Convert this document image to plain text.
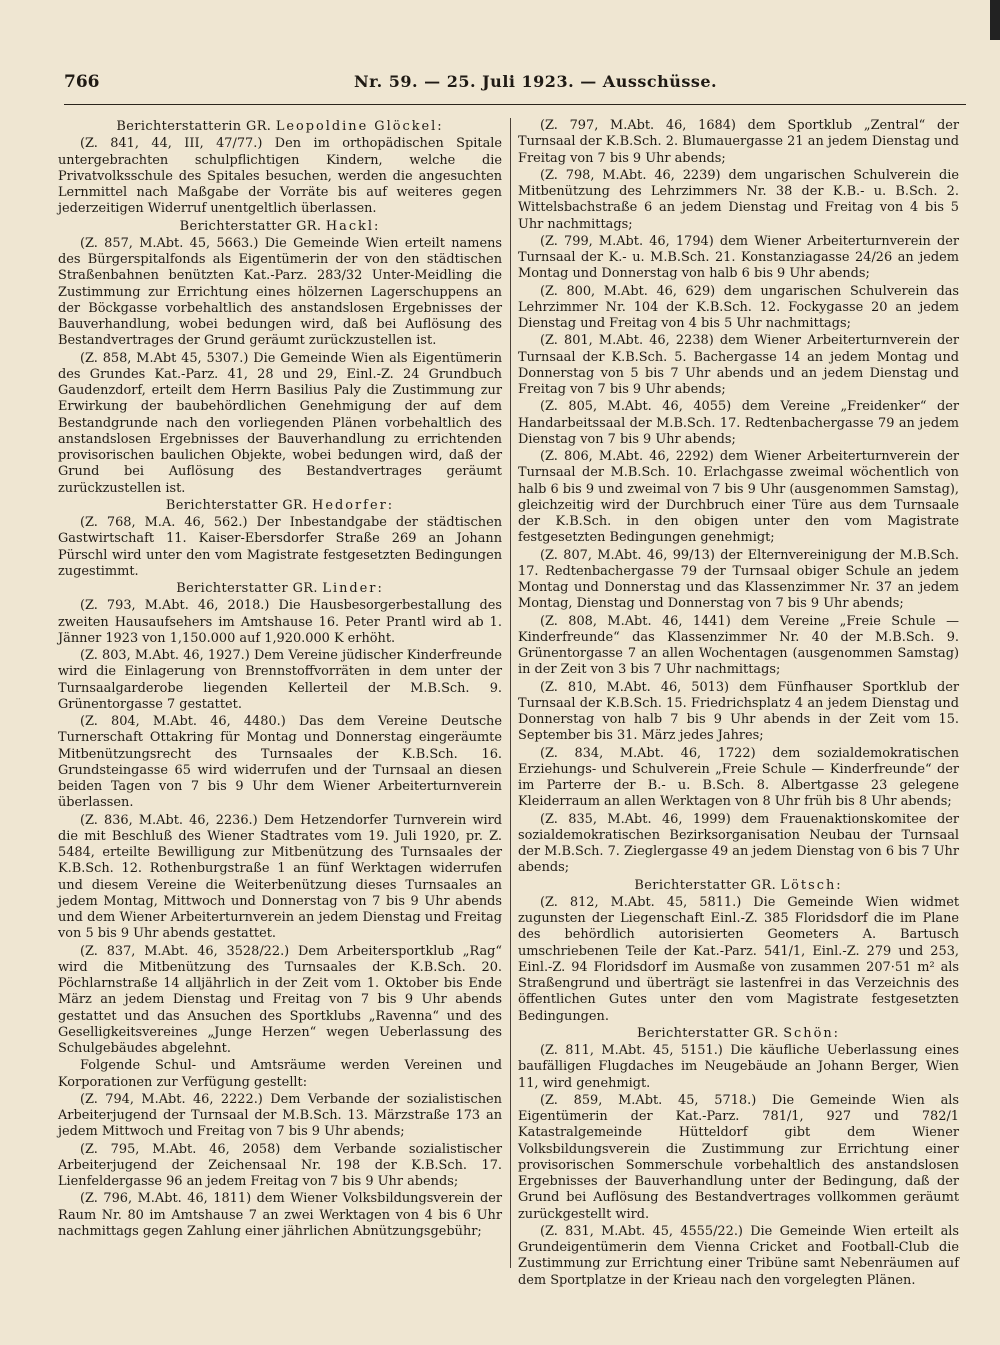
766	Nr. 59. — 25. Juli 1923. — Ausschüsse.
Berichterstatterin GR. Leopoldine Glöckel:

(Z. 841, 44, III, 47/77.) Den im orthopädischen Spitale untergebrachten schulpflichtigen Kindern, welche die Privatvolksschule des Spitales besuchen, werden die angesuchten Lernmittel nach Maßgabe der Vorräte bis auf weiteres gegen jederzeitigen Widerruf unentgeltlich überlassen.

Berichterstatter GR. Hackl:

(Z. 857, M.Abt. 45, 5663.) Die Gemeinde Wien erteilt namens des Bürgerspitalfonds als Eigentümerin der von den städtischen Straßenbahnen benützten Kat.-Parz. 283/32 Unter-Meidling die Zustimmung zur Errichtung eines hölzernen Lagerschuppens an der Böckgasse vorbehaltlich des anstandslosen Ergebnisses der Bauverhandlung, wobei bedungen wird, daß bei Auflösung des Bestandvertrages der Grund geräumt zurückzustellen ist.

(Z. 858, M.Abt 45, 5307.) Die Gemeinde Wien als Eigentümerin des Grundes Kat.-Parz. 41, 28 und 29, Einl.-Z. 24 Grundbuch Gaudenzdorf, erteilt dem Herrn Basilius Paly die Zustimmung zur Erwirkung der baubehördlichen Genehmigung der auf dem Bestandgrunde nach den vorliegenden Plänen vorbehaltlich des anstandslosen Ergebnisses der Bauverhandlung zu errichtenden provisorischen baulichen Objekte, wobei bedungen wird, daß der Grund bei Auflösung des Bestandvertrages geräumt zurückzustellen ist.

Berichterstatter GR. Hedorfer:

(Z. 768, M.A. 46, 562.) Der Inbestandgabe der städtischen Gastwirtschaft 11. Kaiser-Ebersdorfer Straße 269 an Johann Pürschl wird unter den vom Magistrate festgesetzten Bedingungen zugestimmt.

Berichterstatter GR. Linder:

(Z. 793, M.Abt. 46, 2018.) Die Hausbesorgerbestallung des zweiten Hausaufsehers im Amtshause 16. Peter Prantl wird ab 1. Jänner 1923 von 1,150.000 auf 1,920.000 K erhöht.

(Z. 803, M.Abt. 46, 1927.) Dem Vereine jüdischer Kinderfreunde wird die Einlagerung von Brennstoffvorräten in dem unter der Turnsaalgarderobe liegenden Kellerteil der M.B.Sch. 9. Grünentorgasse 7 gestattet.

(Z. 804, M.Abt. 46, 4480.) Das dem Vereine Deutsche Turnerschaft Ottakring für Montag und Donnerstag eingeräumte Mitbenützungsrecht des Turnsaales der K.B.Sch. 16. Grundsteingasse 65 wird widerrufen und der Turnsaal an diesen beiden Tagen von 7 bis 9 Uhr dem Wiener Arbeiterturnverein überlassen.

(Z. 836, M.Abt. 46, 2236.) Dem Hetzendorfer Turnverein wird die mit Beschluß des Wiener Stadtrates vom 19. Juli 1920, pr. Z. 5484, erteilte Bewilligung zur Mitbenützung des Turnsaales der K.B.Sch. 12. Rothenburgstraße 1 an fünf Werktagen widerrufen und diesem Vereine die Weiterbenützung dieses Turnsaales an jedem Montag, Mittwoch und Donnerstag von 7 bis 9 Uhr abends und dem Wiener Arbeiterturnverein an jedem Dienstag und Freitag von 5 bis 9 Uhr abends gestattet.

(Z. 837, M.Abt. 46, 3528/22.) Dem Arbeitersportklub „Rag“ wird die Mitbenützung des Turnsaales der K.B.Sch. 20. Pöchlarnstraße 14 alljährlich in der Zeit vom 1. Oktober bis Ende März an jedem Dienstag und Freitag von 7 bis 9 Uhr abends gestattet und das Ansuchen des Sportklubs „Ravenna“ und des Geselligkeitsvereines „Junge Herzen“ wegen Ueberlassung des Schulgebäudes abgelehnt.

Folgende Schul- und Amtsräume werden Vereinen und Korporationen zur Verfügung gestellt:

(Z. 794, M.Abt. 46, 2222.) Dem Verbande der sozialistischen Arbeiterjugend der Turnsaal der M.B.Sch. 13. Märzstraße 173 an jedem Mittwoch und Freitag von 7 bis 9 Uhr abends;

(Z. 795, M.Abt. 46, 2058) dem Verbande sozialistischer Arbeiterjugend der Zeichensaal Nr. 198 der K.B.Sch. 17. Lienfeldergasse 96 an jedem Freitag von 7 bis 9 Uhr abends;

(Z. 796, M.Abt. 46, 1811) dem Wiener Volksbildungsverein der Raum Nr. 80 im Amtshause 7 an zwei Werktagen von 4 bis 6 Uhr nachmittags gegen Zahlung einer jährlichen Abnützungsgebühr;

(Z. 797, M.Abt. 46, 1684) dem Sportklub „Zentral“ der Turnsaal der K.B.Sch. 2. Blumauergasse 21 an jedem Dienstag und Freitag von 7 bis 9 Uhr abends;

(Z. 798, M.Abt. 46, 2239) dem ungarischen Schulverein die Mitbenützung des Lehrzimmers Nr. 38 der K.B.- u. B.Sch. 2. Wittelsbachstraße 6 an jedem Dienstag und Freitag von 4 bis 5 Uhr nachmittags;

(Z. 799, M.Abt. 46, 1794) dem Wiener Arbeiterturnverein der Turnsaal der K.- u. M.B.Sch. 21. Konstanziagasse 24/26 an jedem Montag und Donnerstag von halb 6 bis 9 Uhr abends;

(Z. 800, M.Abt. 46, 629) dem ungarischen Schulverein das Lehrzimmer Nr. 104 der K.B.Sch. 12. Fockygasse 20 an jedem Dienstag und Freitag von 4 bis 5 Uhr nachmittags;

(Z. 801, M.Abt. 46, 2238) dem Wiener Arbeiterturnverein der Turnsaal der K.B.Sch. 5. Bachergasse 14 an jedem Montag und Donnerstag von 5 bis 7 Uhr abends und an jedem Dienstag und Freitag von 7 bis 9 Uhr abends;

(Z. 805, M.Abt. 46, 4055) dem Vereine „Freidenker“ der Handarbeitssaal der M.B.Sch. 17. Redtenbachergasse 79 an jedem Dienstag von 7 bis 9 Uhr abends;

(Z. 806, M.Abt. 46, 2292) dem Wiener Arbeiterturnverein der Turnsaal der M.B.Sch. 10. Erlachgasse zweimal wöchentlich von halb 6 bis 9 und zweimal von 7 bis 9 Uhr (ausgenommen Samstag), gleichzeitig wird der Durchbruch einer Türe aus dem Turnsaale der K.B.Sch. in den obigen unter den vom Magistrate festgesetzten Bedingungen genehmigt;

(Z. 807, M.Abt. 46, 99/13) der Elternvereinigung der M.B.Sch. 17. Redtenbachergasse 79 der Turnsaal obiger Schule an jedem Montag und Donnerstag und das Klassenzimmer Nr. 37 an jedem Montag, Dienstag und Donnerstag von 7 bis 9 Uhr abends;

(Z. 808, M.Abt. 46, 1441) dem Vereine „Freie Schule — Kinderfreunde“ das Klassenzimmer Nr. 40 der M.B.Sch. 9. Grünentorgasse 7 an allen Wochentagen (ausgenommen Samstag) in der Zeit von 3 bis 7 Uhr nachmittags;

(Z. 810, M.Abt. 46, 5013) dem Fünfhauser Sportklub der Turnsaal der K.B.Sch. 15. Friedrichsplatz 4 an jedem Dienstag und Donnerstag von halb 7 bis 9 Uhr abends in der Zeit vom 15. September bis 31. März jedes Jahres;

(Z. 834, M.Abt. 46, 1722) dem sozialdemokratischen Erziehungs- und Schulverein „Freie Schule — Kinderfreunde“ der im Parterre der B.- u. B.Sch. 8. Albertgasse 23 gelegene Kleiderraum an allen Werktagen von 8 Uhr früh bis 8 Uhr abends;

(Z. 835, M.Abt. 46, 1999) dem Frauenaktionskomitee der sozialdemokratischen Bezirksorganisation Neubau der Turnsaal der M.B.Sch. 7. Zieglergasse 49 an jedem Dienstag von 6 bis 7 Uhr abends;

Berichterstatter GR. Lötsch:

(Z. 812, M.Abt. 45, 5811.) Die Gemeinde Wien widmet zugunsten der Liegenschaft Einl.-Z. 385 Floridsdorf die im Plane des behördlich autorisierten Geometers A. Bartusch umschriebenen Teile der Kat.-Parz. 541/1, Einl.-Z. 279 und 253, Einl.-Z. 94 Floridsdorf im Ausmaße von zusammen 207·51 m² als Straßengrund und überträgt sie lastenfrei in das Verzeichnis des öffentlichen Gutes unter den vom Magistrate festgesetzten Bedingungen.

Berichterstatter GR. Schön:

(Z. 811, M.Abt. 45, 5151.) Die käufliche Ueberlassung eines baufälligen Flugdaches im Neugebäude an Johann Berger, Wien 11, wird genehmigt.

(Z. 859, M.Abt. 45, 5718.) Die Gemeinde Wien als Eigentümerin der Kat.-Parz. 781/1, 927 und 782/1 Katastralgemeinde Hütteldorf gibt dem Wiener Volksbildungsverein die Zustimmung zur Errichtung einer provisorischen Sommerschule vorbehaltlich des anstandslosen Ergebnisses der Bauverhandlung unter der Bedingung, daß der Grund bei Auflösung des Bestandvertrages vollkommen geräumt zurückgestellt wird.

(Z. 831, M.Abt. 45, 4555/22.) Die Gemeinde Wien erteilt als Grundeigentümerin dem Vienna Cricket and Football-Club die Zustimmung zur Errichtung einer Tribüne samt Nebenräumen auf dem Sportplatze in der Krieau nach den vorgelegten Plänen.
